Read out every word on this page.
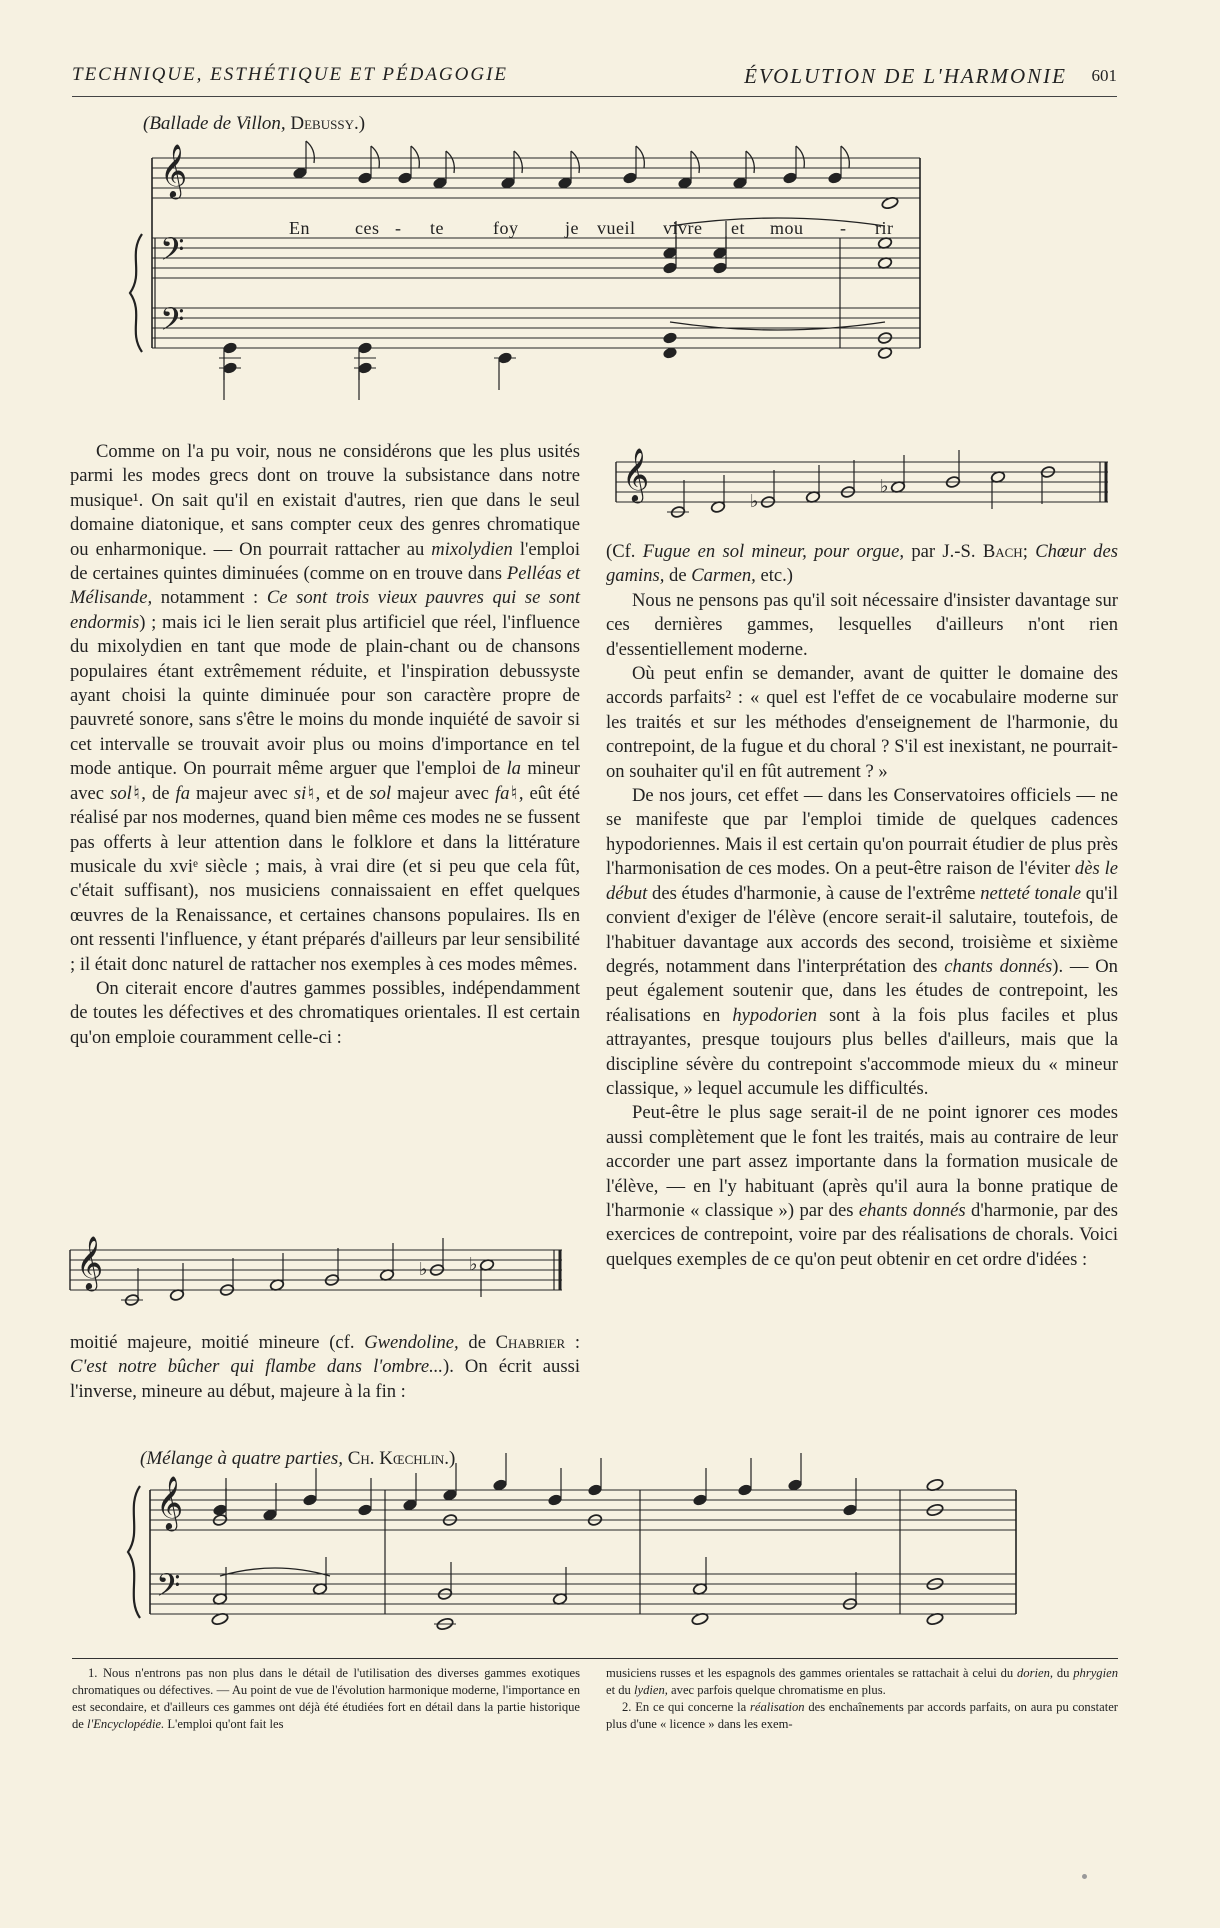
TECHNIQUE, ESTHÉTIQUE ET PÉDAGOGIE	ÉVOLUTION DE L'HARMONIE 601
(Ballade de Villon, Debussy.)
𝄞
𝄢
𝄢
En	ces - te	foy	je vueil vivre et mou - rir

Comme on l'a pu voir, nous ne considérons que les plus usités parmi les modes grecs dont on trouve la subsistance dans notre musique¹. On sait qu'il en existait d'autres, rien que dans le seul domaine diatonique, et sans compter ceux des genres chromatique ou enharmonique. — On pourrait rattacher au mixolydien l'emploi de certaines quintes diminuées (comme on en trouve dans Pelléas et Mélisande, notamment : Ce sont trois vieux pauvres qui se sont endormis) ; mais ici le lien serait plus artificiel que réel, l'influence du mixolydien en tant que mode de plain-chant ou de chansons populaires étant extrêmement réduite, et l'inspiration debussyste ayant choisi la quinte diminuée pour son caractère propre de pauvreté sonore, sans s'être le moins du monde inquiété de savoir si cet intervalle se trouvait avoir plus ou moins d'importance en tel mode antique. On pourrait même arguer que l'emploi de la mineur avec sol♮, de fa majeur avec si♮, et de sol majeur avec fa♮, eût été réalisé par nos modernes, quand bien même ces modes ne se fussent pas offerts à leur attention dans le folklore et dans la littérature musicale du xviᵉ siècle ; mais, à vrai dire (et si peu que cela fût, c'était suffisant), nos musiciens connaissaient en effet quelques œuvres de la Renaissance, et certaines chansons populaires. Ils en ont ressenti l'influence, y étant préparés d'ailleurs par leur sensibilité ; il était donc naturel de rattacher nos exemples à ces modes mêmes.

On citerait encore d'autres gammes possibles, indépendamment de toutes les défectives et des chromatiques orientales. Il est certain qu'on emploie couramment celle-ci :

𝄞	♭ ♭

moitié majeure, moitié mineure (cf. Gwendoline, de Chabrier : C'est notre bûcher qui flambe dans l'ombre...). On écrit aussi l'inverse, mineure au début, majeure à la fin :

𝄞
♭
♭

(Cf. Fugue en sol mineur, pour orgue, par J.-S. Bach; Chœur des gamins, de Carmen, etc.)

Nous ne pensons pas qu'il soit nécessaire d'insister davantage sur ces dernières gammes, lesquelles d'ailleurs n'ont rien d'essentiellement moderne.

Où peut enfin se demander, avant de quitter le domaine des accords parfaits² : « quel est l'effet de ce vocabulaire moderne sur les traités et sur les méthodes d'enseignement de l'harmonie, du contrepoint, de la fugue et du choral ? S'il est inexistant, ne pourrait-on souhaiter qu'il en fût autrement ? »

De nos jours, cet effet — dans les Conservatoires officiels — ne se manifeste que par l'emploi timide de quelques cadences hypodoriennes. Mais il est certain qu'on pourrait étudier de plus près l'harmonisation de ces modes. On a peut-être raison de l'éviter dès le début des études d'harmonie, à cause de l'extrême netteté tonale qu'il convient d'exiger de l'élève (encore serait-il salutaire, toutefois, de l'habituer davantage aux accords des second, troisième et sixième degrés, notamment dans l'interprétation des chants donnés). — On peut également soutenir que, dans les études de contrepoint, les réalisations en hypodorien sont à la fois plus faciles et plus attrayantes, presque toujours plus belles d'ailleurs, mais que la discipline sévère du contrepoint s'accommode mieux du « mineur classique, » lequel accumule les difficultés.

Peut-être le plus sage serait-il de ne point ignorer ces modes aussi complètement que le font les traités, mais au contraire de leur accorder une part assez importante dans la formation musicale de l'élève, — en l'y habituant (après qu'il aura la bonne pratique de l'harmonie « classique ») par des ehants donnés d'harmonie, par des exercices de contrepoint, voire par des réalisations de chorals. Voici quelques exemples de ce qu'on peut obtenir en cet ordre d'idées :

(Mélange à quatre parties, Ch. Kœchlin.)
𝄞
𝄢

1. Nous n'entrons pas non plus dans le détail de l'utilisation des diverses gammes exotiques chromatiques ou défectives. — Au point de vue de l'évolution harmonique moderne, l'importance en est secondaire, et d'ailleurs ces gammes ont déjà été étudiées fort en détail dans la partie historique de l'Encyclopédie. L'emploi qu'ont fait les

musiciens russes et les espagnols des gammes orientales se rattachait à celui du dorien, du phrygien et du lydien, avec parfois quelque chromatisme en plus.

2. En ce qui concerne la réalisation des enchaînements par accords parfaits, on aura pu constater plus d'une « licence » dans les exem-
